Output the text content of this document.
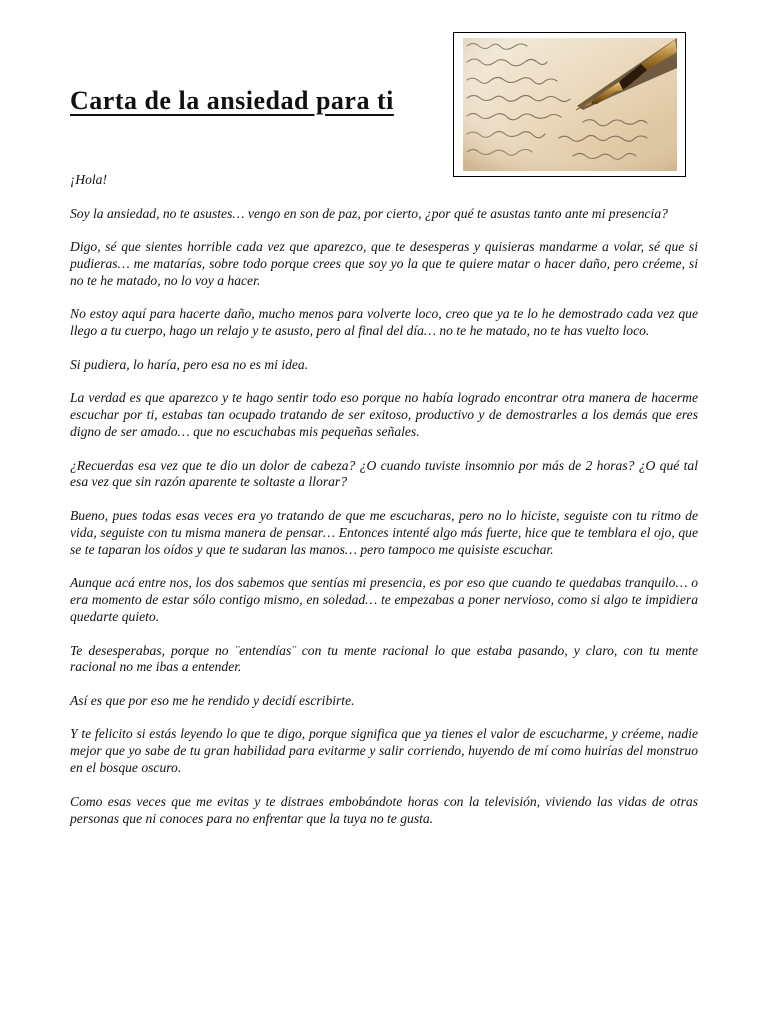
Carta de la ansiedad para ti

¡Hola!

Soy la ansiedad, no te asustes… vengo en son de paz, por cierto, ¿por qué te asustas tanto ante mi presencia?

Digo, sé que sientes horrible cada vez que aparezco, que te desesperas y quisieras mandarme a volar, sé que si pudieras… me matarías, sobre todo porque crees que soy yo la que te quiere matar o hacer daño, pero créeme, si no te he matado, no lo voy a hacer.

No estoy aquí para hacerte daño, mucho menos para volverte loco, creo que ya te lo he demostrado cada vez que llego a tu cuerpo, hago un relajo y te asusto, pero al final del día… no te he matado, no te has vuelto loco.

Si pudiera, lo haría, pero esa no es mi idea.

La verdad es que aparezco y te hago sentir todo eso porque no había logrado encontrar otra manera de hacerme escuchar por ti, estabas tan ocupado tratando de ser exitoso, productivo y de demostrarles a los demás que eres digno de ser amado… que no escuchabas mis pequeñas señales.

¿Recuerdas esa vez que te dio un dolor de cabeza? ¿O cuando tuviste insomnio por más de 2 horas? ¿O qué tal esa vez que sin razón aparente te soltaste a llorar?

Bueno, pues todas esas veces era yo tratando de que me escucharas, pero no lo hiciste, seguiste con tu ritmo de vida, seguiste con tu misma manera de pensar… Entonces intenté algo más fuerte, hice que te temblara el ojo, que se te taparan los oídos y que te sudaran las manos… pero tampoco me quisiste escuchar.

Aunque acá entre nos, los dos sabemos que sentías mi presencia, es por eso que cuando te quedabas tranquilo… o era momento de estar sólo contigo mismo, en soledad… te empezabas a poner nervioso, como si algo te impidiera quedarte quieto.

Te desesperabas, porque no ¨entendías¨ con tu mente racional lo que estaba pasando, y claro, con tu mente racional no me ibas a entender.

Así es que por eso me he rendido y decidí escribirte.

Y te felicito si estás leyendo lo que te digo, porque significa que ya tienes el valor de escucharme, y créeme, nadie mejor que yo sabe de tu gran habilidad para evitarme y salir corriendo, huyendo de mí como huirías del monstruo en el bosque oscuro.

Como esas veces que me evitas y te distraes embobándote horas con la televisión, viviendo las vidas de otras personas que ni conoces para no enfrentar que la tuya no te gusta.
